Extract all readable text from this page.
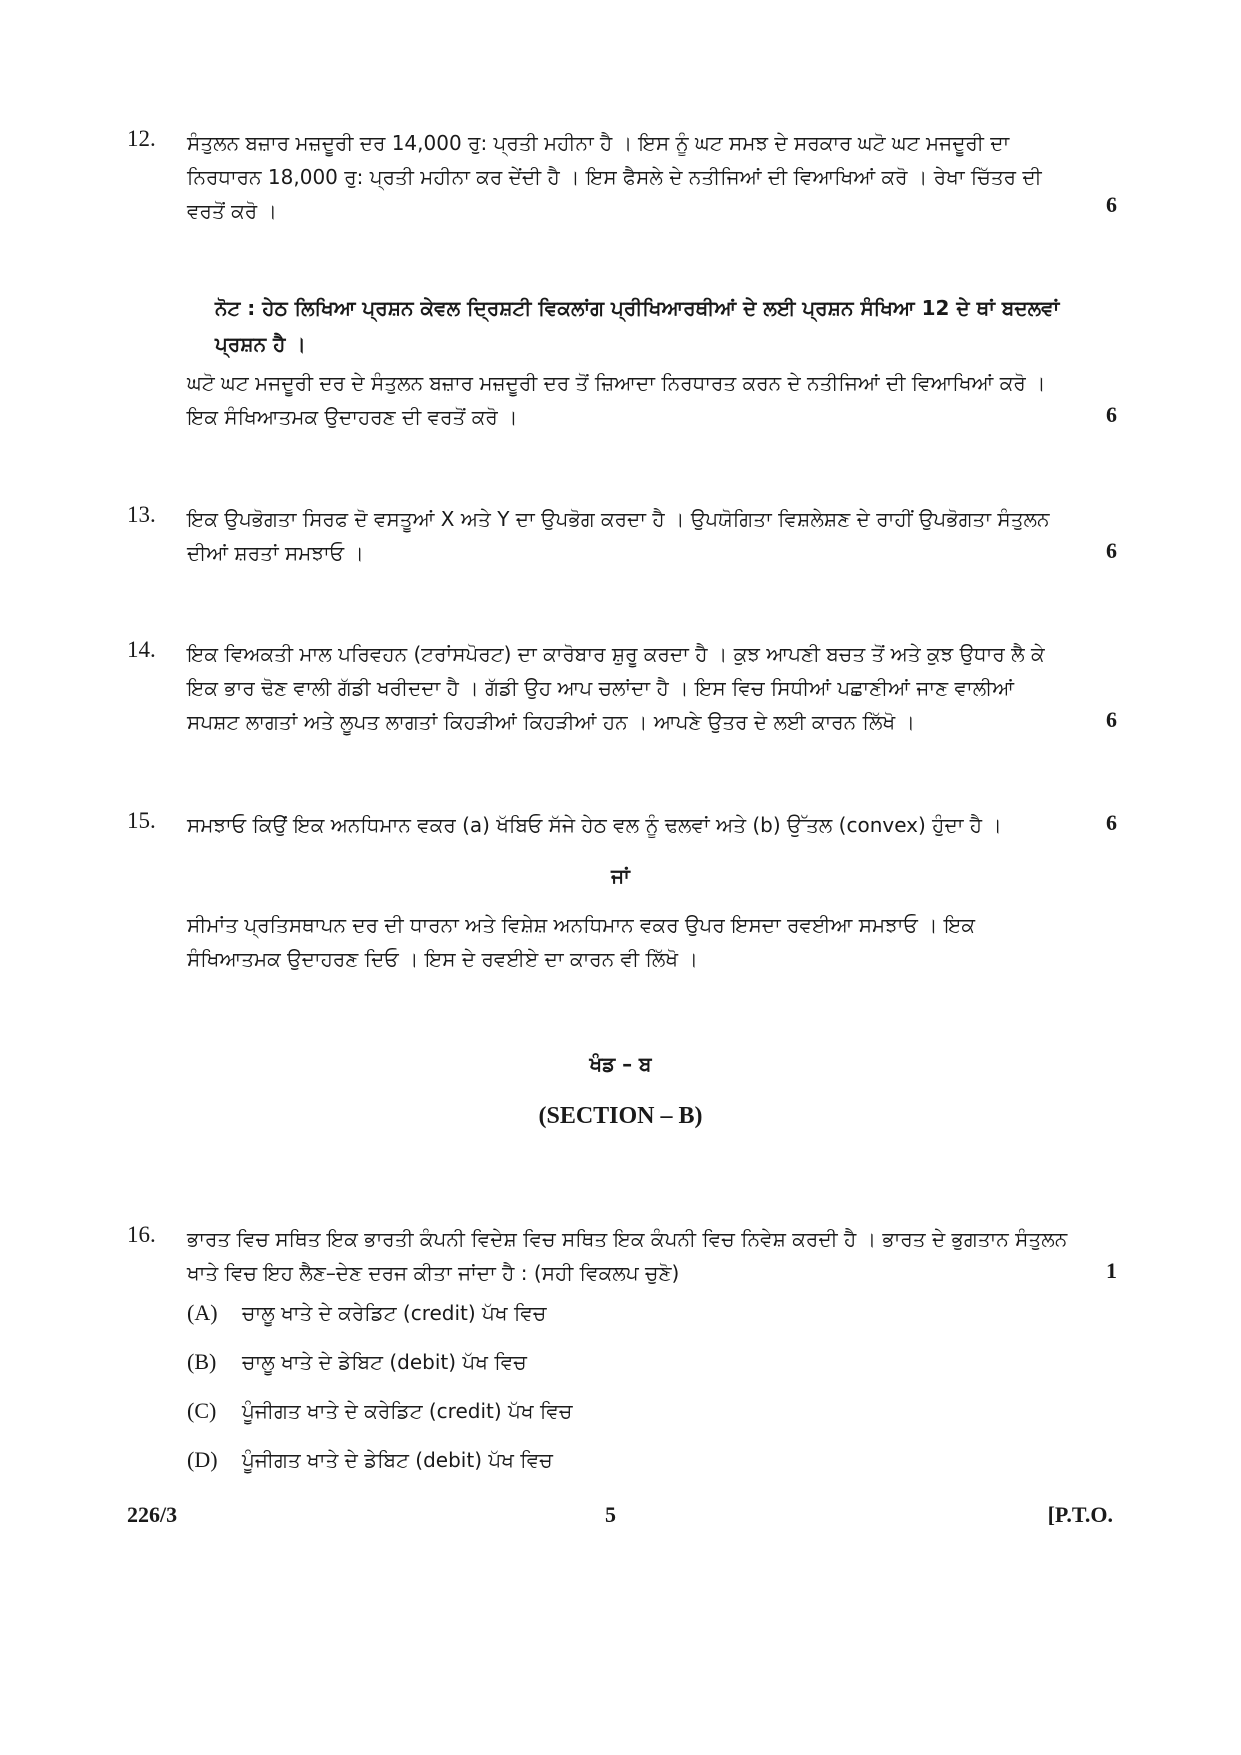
12. ਸੰਤੁਲਨ ਬਜ਼ਾਰ ਮਜ਼ਦੂਰੀ ਦਰ 14,000 ਰੁ: ਪ੍ਰਤੀ ਮਹੀਨਾ ਹੈ । ਇਸ ਨੂੰ ਘਟ ਸਮਝ ਦੇ ਸਰਕਾਰ ਘਟੋ ਘਟ ਮਜਦੂਰੀ ਦਾ ਨਿਰਧਾਰਨ 18,000 ਰੁ: ਪ੍ਰਤੀ ਮਹੀਨਾ ਕਰ ਦੇਂਦੀ ਹੈ । ਇਸ ਫੈਸਲੇ ਦੇ ਨਤੀਜਿਆਂ ਦੀ ਵਿਆਖਿਆਂ ਕਰੋ । ਰੇਖਾ ਚਿੱਤਰ ਦੀ ਵਰਤੋਂ ਕਰੋ ।	6
ਨੋਟ : ਹੇਠ ਲਿਖਿਆ ਪ੍ਰਸ਼ਨ ਕੇਵਲ ਦ੍ਰਿਸ਼ਟੀ ਵਿਕਲਾਂਗ ਪ੍ਰੀਖਿਆਰਥੀਆਂ ਦੇ ਲਈ ਪ੍ਰਸ਼ਨ ਸੰਖਿਆ 12 ਦੇ ਥਾਂ ਬਦਲਵਾਂ ਪ੍ਰਸ਼ਨ ਹੈ ।
ਘਟੋ ਘਟ ਮਜਦੂਰੀ ਦਰ ਦੇ ਸੰਤੁਲਨ ਬਜ਼ਾਰ ਮਜ਼ਦੂਰੀ ਦਰ ਤੋਂ ਜ਼ਿਆਦਾ ਨਿਰਧਾਰਤ ਕਰਨ ਦੇ ਨਤੀਜਿਆਂ ਦੀ ਵਿਆਖਿਆਂ ਕਰੋ । ਇਕ ਸੰਖਿਆਤਮਕ ਉਦਾਹਰਣ ਦੀ ਵਰਤੋਂ ਕਰੋ ।	6
13. ਇਕ ਉਪਭੋਗਤਾ ਸਿਰਫ ਦੋ ਵਸਤੂਆਂ X ਅਤੇ Y ਦਾ ਉਪਭੋਗ ਕਰਦਾ ਹੈ । ਉਪਯੋਗਿਤਾ ਵਿਸ਼ਲੇਸ਼ਣ ਦੇ ਰਾਹੀਂ ਉਪਭੋਗਤਾ ਸੰਤੁਲਨ ਦੀਆਂ ਸ਼ਰਤਾਂ ਸਮਝਾਓ ।	6
14. ਇਕ ਵਿਅਕਤੀ ਮਾਲ ਪਰਿਵਹਨ (ਟਰਾਂਸਪੋਰਟ) ਦਾ ਕਾਰੋਬਾਰ ਸ਼ੁਰੂ ਕਰਦਾ ਹੈ । ਕੁਝ ਆਪਣੀ ਬਚਤ ਤੋਂ ਅਤੇ ਕੁਝ ਉਧਾਰ ਲੈ ਕੇ ਇਕ ਭਾਰ ਢੋਣ ਵਾਲੀ ਗੱਡੀ ਖਰੀਦਦਾ ਹੈ । ਗੱਡੀ ਉਹ ਆਪ ਚਲਾਂਦਾ ਹੈ । ਇਸ ਵਿਚ ਸਿਧੀਆਂ ਪਛਾਣੀਆਂ ਜਾਣ ਵਾਲੀਆਂ ਸਪਸ਼ਟ ਲਾਗਤਾਂ ਅਤੇ ਲੂਪਤ ਲਾਗਤਾਂ ਕਿਹੜੀਆਂ ਕਿਹੜੀਆਂ ਹਨ । ਆਪਣੇ ਉਤਰ ਦੇ ਲਈ ਕਾਰਨ ਲਿੱਖੋ ।	6
15. ਸਮਝਾਓ ਕਿਉਂ ਇਕ ਅਨਧਿਮਾਨ ਵਕਰ (a) ਖੱਬਿਓ ਸੱਜੇ ਹੇਠ ਵਲ ਨੂੰ ਢਲਵਾਂ ਅਤੇ (b) ਉੱਤਲ (convex) ਹੁੰਦਾ ਹੈ ।	6
ਜਾਂ
ਸੀਮਾਂਤ ਪ੍ਰਤਿਸਥਾਪਨ ਦਰ ਦੀ ਧਾਰਨਾ ਅਤੇ ਵਿਸ਼ੇਸ਼ ਅਨਧਿਮਾਨ ਵਕਰ ਉਪਰ ਇਸਦਾ ਰਵਈਆ ਸਮਝਾਓ । ਇਕ ਸੰਖਿਆਤਮਕ ਉਦਾਹਰਣ ਦਿਓ । ਇਸ ਦੇ ਰਵਈਏ ਦਾ ਕਾਰਨ ਵੀ ਲਿੱਖੋ ।
ਖੰਡ – ਬ
(SECTION – B)
16. ਭਾਰਤ ਵਿਚ ਸਥਿਤ ਇਕ ਭਾਰਤੀ ਕੰਪਨੀ ਵਿਦੇਸ਼ ਵਿਚ ਸਥਿਤ ਇਕ ਕੰਪਨੀ ਵਿਚ ਨਿਵੇਸ਼ ਕਰਦੀ ਹੈ । ਭਾਰਤ ਦੇ ਭੁਗਤਾਨ ਸੰਤੁਲਨ ਖਾਤੇ ਵਿਚ ਇਹ ਲੈਣ–ਦੇਣ ਦਰਜ ਕੀਤਾ ਜਾਂਦਾ ਹੈ : (ਸਹੀ ਵਿਕਲਪ ਚੁਣੋ)	1
(A) ਚਾਲੂ ਖਾਤੇ ਦੇ ਕਰੇਡਿਟ (credit) ਪੱਖ ਵਿਚ
(B) ਚਾਲੂ ਖਾਤੇ ਦੇ ਡੇਬਿਟ (debit) ਪੱਖ ਵਿਚ
(C) ਪੂੰਜੀਗਤ ਖਾਤੇ ਦੇ ਕਰੇਡਿਟ (credit) ਪੱਖ ਵਿਚ
(D) ਪੂੰਜੀਗਤ ਖਾਤੇ ਦੇ ਡੇਬਿਟ (debit) ਪੱਖ ਵਿਚ
226/3	5	[P.T.O.
